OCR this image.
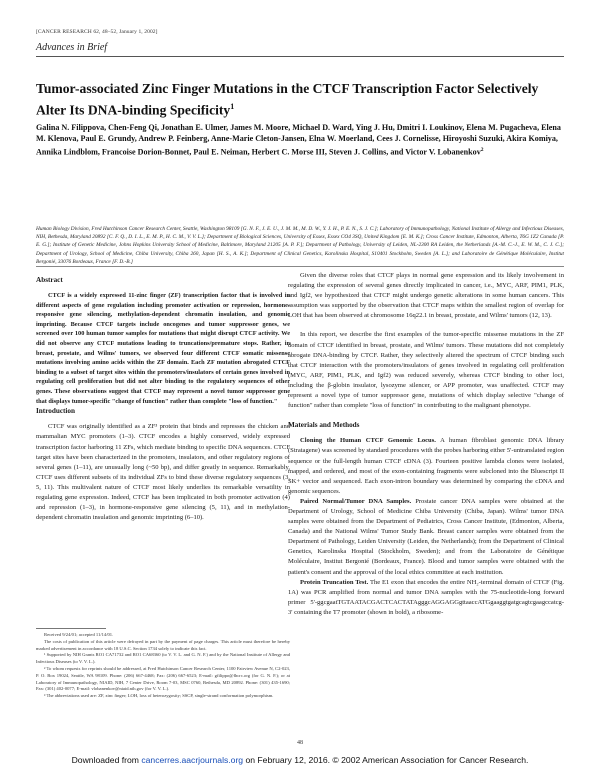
[CANCER RESEARCH 62, 48–52, January 1, 2002]
Advances in Brief
Tumor-associated Zinc Finger Mutations in the CTCF Transcription Factor Selectively Alter Its DNA-binding Specificity$^1$
Galina N. Filippova, Chen-Feng Qi, Jonathan E. Ulmer, James M. Moore, Michael D. Ward, Ying J. Hu, Dmitri I. Loukinov, Elena M. Pugacheva, Elena M. Klenova, Paul E. Grundy, Andrew P. Feinberg, Anne-Marie Cleton-Jansen, Elna W. Moerland, Cees J. Cornelisse, Hiroyoshi Suzuki, Akira Komiya, Annika Lindblom, Francoise Dorion-Bonnet, Paul E. Neiman, Herbert C. Morse III, Steven J. Collins, and Victor V. Lobanenkov$^2$
Human Biology Division, Fred Hutchinson Cancer Research Center, Seattle, Washington 98109 [G. N. F., J. E. U., J. M. M., M. D. W., Y. J. H., P. E. N., S. J. C.]; Laboratory of Immunopathology, National Institute of Allergy and Infectious Diseases, NIH, Bethesda, Maryland 20892 [C. F. Q., D. I. L., E. M. P., H. C. M., V. V. L.]; Department of Biological Sciences, University of Essex, Essex CO4 3SQ, United Kingdom [E. M. K.]; Cross Cancer Institute, Edmonton, Alberta, T6G 1Z2 Canada [P. E. G.]; Institute of Genetic Medicine, Johns Hopkins University School of Medicine, Baltimore, Maryland 21205 [A. P. F.]; Department of Pathology, University of Leiden, NL-2300 RA Leiden, the Netherlands [A.-M. C.-J., E. W. M., C. J. C.]; Department of Urology, School of Medicine, Chiba University, Chiba 260, Japan [H. S., A. K.]; Department of Clinical Genetics, Karolinska Hospital, S10401 Stockholm, Sweden [A. L.]; and Laboratoire de Génétique Moléculaire, Institut Bergonié, 33076 Bordeaux, France [F. D.-B.]
Abstract
CTCF is a widely expressed 11-zinc finger (ZF) transcription factor that is involved in different aspects of gene regulation including promoter activation or repression, hormone-responsive gene silencing, methylation-dependent chromatin insulation, and genomic imprinting. Because CTCF targets include oncogenes and tumor suppressor genes, we screened over 100 human tumor samples for mutations that might disrupt CTCF activity. We did not observe any CTCF mutations leading to truncations/premature stops. Rather, in breast, prostate, and Wilms' tumors, we observed four different CTCF somatic missense mutations involving amino acids within the ZF domain. Each ZF mutation abrogated CTCF binding to a subset of target sites within the promoters/insulators of certain genes involved in regulating cell proliferation but did not alter binding to the regulatory sequences of other genes. These observations suggest that CTCF may represent a novel tumor suppressor gene that displays tumor-specific "change of function" rather than complete "loss of function."
Introduction
CTCF was originally identified as a ZF³ protein that binds and represses the chicken and mammalian MYC promoters (1–3). CTCF encodes a highly conserved, widely expressed transcription factor harboring 11 ZFs, which mediate binding to specific DNA sequences. CTCF target sites have been characterized in the promoters, insulators, and other regulatory regions of several genes (1–11), are unusually long (~50 bp), and differ greatly in sequence. Remarkably, CTCF uses different subsets of its individual ZFs to bind these diverse regulatory sequences (3, 5, 11). This multivalent nature of CTCF most likely underlies its remarkable versatility in regulating gene expression. Indeed, CTCF has been implicated in both promoter activation (4) and repression (1–3), in hormone-responsive gene silencing (5, 11), and in methylation-dependent chromatin insulation and genomic imprinting (6–10).
Received 9/24/01; accepted 11/14/01.
The costs of publication of this article were defrayed in part by the payment of page charges. This article must therefore be hereby marked advertisement in accordance with 18 U.S.C. Section 1734 solely to indicate this fact.
¹ Supported by NIH Grants RO1 CA71732 and RO1 CA68360 (to V. V. L. and G. N. F.) and by the National Institute of Allergy and Infectious Diseases (to V. V. L.).
² To whom requests for reprints should be addressed, at Fred Hutchinson Cancer Research Center, 1100 Fairview Avenue N, C2-023, P. O. Box 19024, Seattle, WA 98109. Phone: (206) 667-4468; Fax: (206) 667-6523; E-mail: gfilippo@fhcrc.org (for G. N. F.); or at Laboratory of Immunopathology, NIAID, NIH, 7 Center Drive, Room 7-03, MSC 0760, Bethesda, MD 20892. Phone: (301) 435-1690; Fax: (301) 402-0077; E-mail: vlobanenkov@niaid.nih.gov (for V. V. L.).
³ The abbreviations used are: ZF, zinc finger; LOH, loss of heterozygosity; SSCP, single-strand conformation polymorphism.
Given the diverse roles that CTCF plays in normal gene expression and its likely involvement in regulating the expression of several genes directly implicated in cancer, i.e., MYC, ARF, PIM1, PLK, and Igf2, we hypothesized that CTCF might undergo genetic alterations in some human cancers. This assumption was supported by the observation that CTCF maps within the smallest region of overlap for LOH that has been observed at chromosome 16q22.1 in breast, prostate, and Wilms' tumors (12, 13).
In this report, we describe the first examples of the tumor-specific missense mutations in the ZF domain of CTCF identified in breast, prostate, and Wilms' tumors. These mutations did not completely abrogate DNA-binding by CTCF. Rather, they selectively altered the spectrum of CTCF binding such that CTCF interaction with the promoters/insulators of genes involved in regulating cell proliferation (MYC, ARF, PIM1, PLK, and Igf2) was reduced severely, whereas CTCF binding to other loci, including the β-globin insulator, lysozyme silencer, or APP promoter, was unaffected. CTCF may represent a novel type of tumor suppressor gene, mutations of which display selective "change of function" rather than complete "loss of function" in contributing to the malignant phenotype.
Materials and Methods
Cloning the Human CTCF Genomic Locus. A human fibroblast genomic DNA library (Stratagene) was screened by standard procedures with the probes harboring either 5'-untranslated region sequence or the full-length human CTCF cDNA (3). Fourteen positive lambda clones were isolated, mapped, and ordered, and most of the exon-containing fragments were subcloned into the Bluescript II SK+ vector and sequenced. Each exon-intron boundary was determined by comparing the cDNA and genomic sequences.
Paired Normal/Tumor DNA Samples. Prostate cancer DNA samples were obtained at the Department of Urology, School of Medicine Chiba University (Chiba, Japan). Wilms' tumor DNA samples were obtained from the Department of Pediatrics, Cross Cancer Institute, (Edmonton, Alberta, Canada) and the National Wilms' Tumor Study Bank. Breast cancer samples were obtained from the Department of Pathology, Leiden University (Leiden, the Netherlands); from the Department of Clinical Genetics, Karolinska Hospital (Stockholm, Sweden); and from the Laboratoire de Génétique Moléculaire, Institut Bergonié (Bordeaux, France). Blood and tumor samples were obtained with the patient's consent and the approval of the local ethics committee at each institution.
Protein Truncation Test. The E1 exon that encodes the entire NH₂-terminal domain of CTCF (Fig. 1A) was PCR amplified from normal and tumor DNA samples with the 75-nucleotide-long forward primer 5'-ggcgaatTGTAATACGACTCACTATAgggcAGGAGGgttaaccATGgaaggtgatgcagtcgaagccatcg-3' containing the T7 promoter (shown in bold), a ribosome-
48
Downloaded from cancerres.aacrjournals.org on February 12, 2016. © 2002 American Association for Cancer Research.
